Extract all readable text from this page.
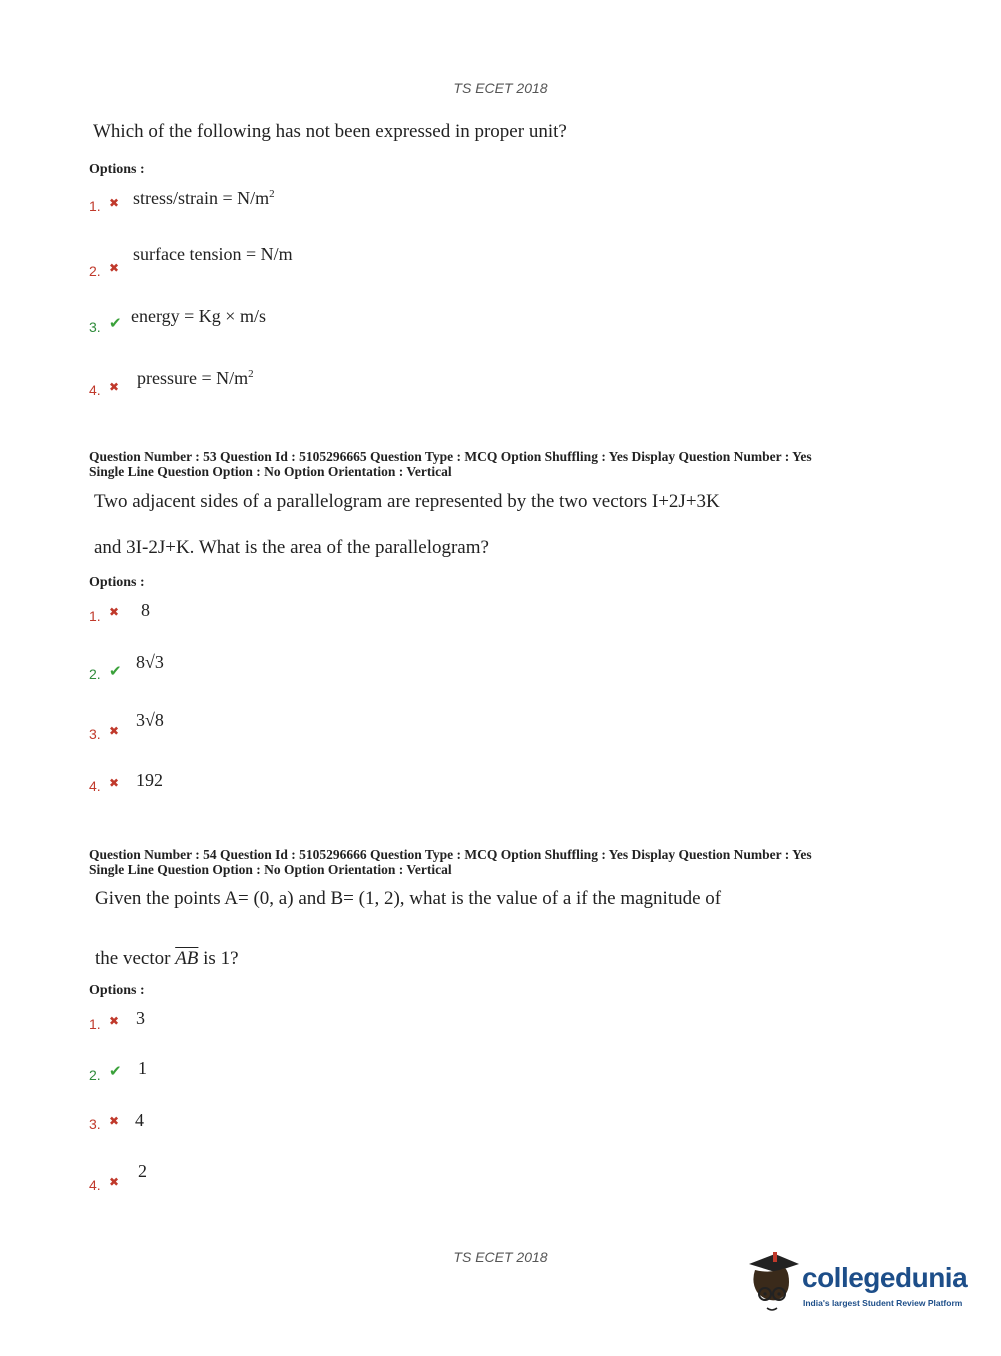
TS ECET 2018
Which of the following has not been expressed in proper unit?
Options :
1. ✖ stress/strain = $N/m^2$
2. ✖
surface tension = N/m
3. ✔ energy = Kg × m/s
4. ✖ pressure = $N/m^2$
Question Number : 53 Question Id : 5105296665 Question Type : MCQ Option Shuffling : Yes Display Question Number : Yes
Single Line Question Option : No Option Orientation : Vertical
Two adjacent sides of a parallelogram are represented by the two vectors I+2J+3K
and 3I-2J+K. What is the area of the parallelogram?
Options :
1. ✖ 8
2. ✔ 8√3
3. ✖
3√8
4. ✖ 192
Question Number : 54 Question Id : 5105296666 Question Type : MCQ Option Shuffling : Yes Display Question Number : Yes
Single Line Question Option : No Option Orientation : Vertical
Given the points A= (0, a) and B= (1, 2), what is the value of a if the magnitude of
the vector $\overline{AB}$ is 1?
Options :
1. ✖ 3
2. ✔ 1
3. ✖ 4
4. ✖
2
TS ECET 2018
collegedunia
India's largest Student Review Platform
